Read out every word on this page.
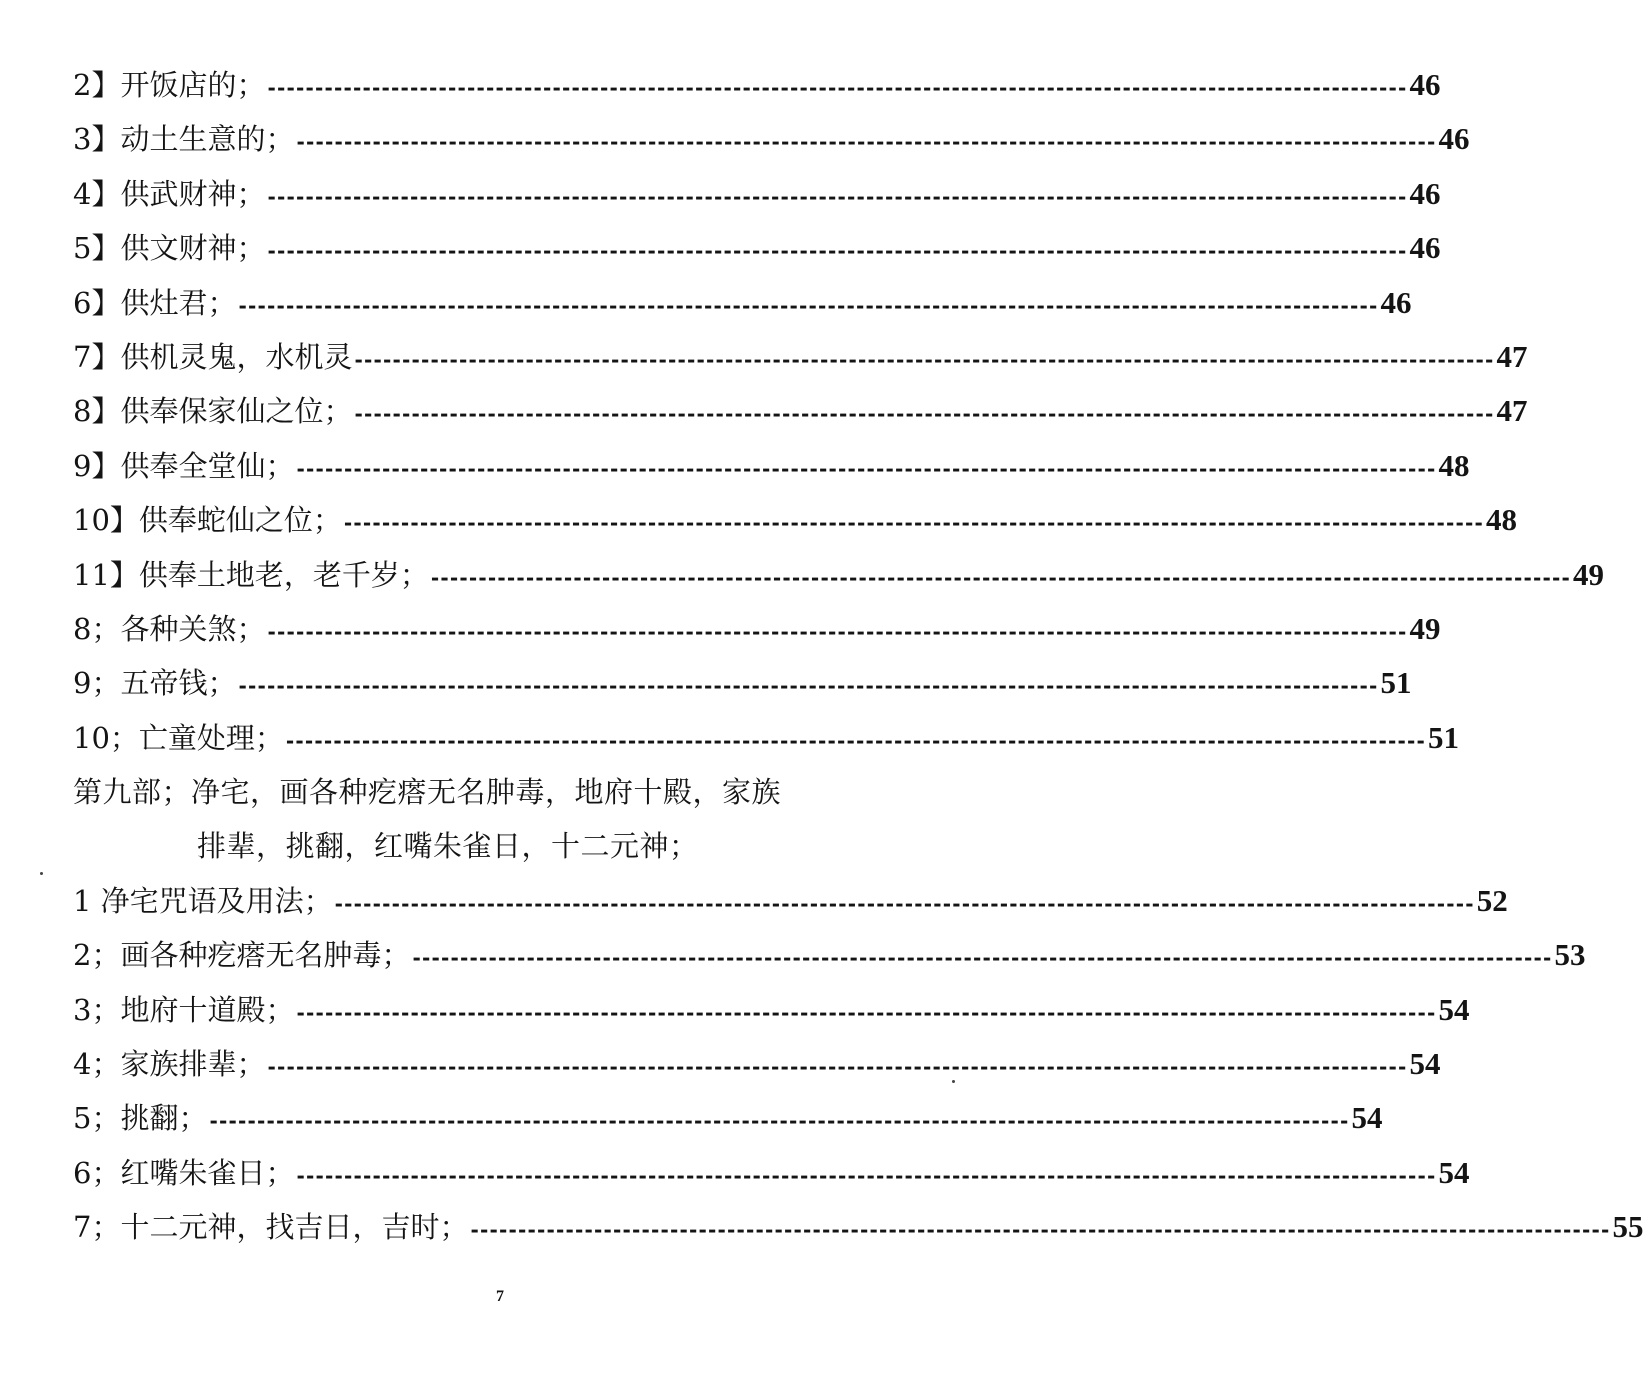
2】开饭店的； ------------------------------------------------------------------------------------------------------------------------ 46
3】动土生意的； ------------------------------------------------------------------------------------------------------------------------ 46
4】供武财神； ------------------------------------------------------------------------------------------------------------------------ 46
5】供文财神； ------------------------------------------------------------------------------------------------------------------------ 46
6】供灶君； ------------------------------------------------------------------------------------------------------------------------ 46
7】供机灵鬼，水机灵 ------------------------------------------------------------------------------------------------------------------------ 47
8】供奉保家仙之位； ------------------------------------------------------------------------------------------------------------------------ 47
9】供奉全堂仙； ------------------------------------------------------------------------------------------------------------------------ 48
10】供奉蛇仙之位； ------------------------------------------------------------------------------------------------------------------------ 48
11】供奉土地老，老千岁； ------------------------------------------------------------------------------------------------------------------------ 49
8；各种关煞； ------------------------------------------------------------------------------------------------------------------------ 49
9；五帝钱； ------------------------------------------------------------------------------------------------------------------------ 51
10；亡童处理； ------------------------------------------------------------------------------------------------------------------------ 51
第九部；净宅，画各种疙瘩无名肿毒，地府十殿，家族
排辈，挑翻，红嘴朱雀日，十二元神；
1 净宅咒语及用法； ------------------------------------------------------------------------------------------------------------------------ 52
2；画各种疙瘩无名肿毒； ------------------------------------------------------------------------------------------------------------------------ 53
3；地府十道殿； ------------------------------------------------------------------------------------------------------------------------ 54
4；家族排辈； ------------------------------------------------------------------------------------------------------------------------ 54
5；挑翻； ------------------------------------------------------------------------------------------------------------------------ 54
6；红嘴朱雀日； ------------------------------------------------------------------------------------------------------------------------ 54
7；十二元神，找吉日，吉时； ------------------------------------------------------------------------------------------------------------------------ 55
7
